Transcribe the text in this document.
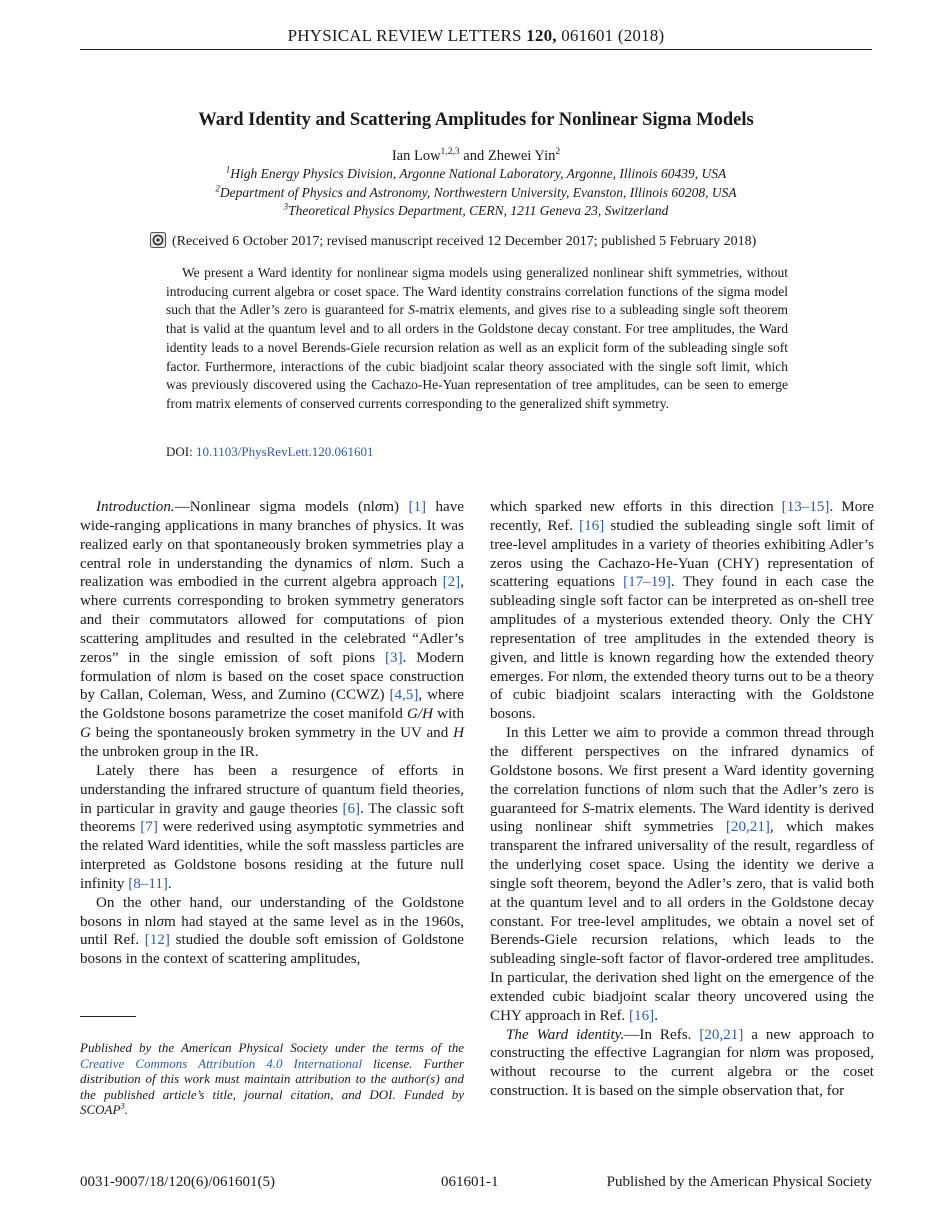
PHYSICAL REVIEW LETTERS 120, 061601 (2018)
Ward Identity and Scattering Amplitudes for Nonlinear Sigma Models
Ian Low$^{1,2,3}$ and Zhewei Yin$^2$
$^1$High Energy Physics Division, Argonne National Laboratory, Argonne, Illinois 60439, USA
$^2$Department of Physics and Astronomy, Northwestern University, Evanston, Illinois 60208, USA
$^3$Theoretical Physics Department, CERN, 1211 Geneva 23, Switzerland
(Received 6 October 2017; revised manuscript received 12 December 2017; published 5 February 2018)
We present a Ward identity for nonlinear sigma models using generalized nonlinear shift symmetries, without introducing current algebra or coset space. The Ward identity constrains correlation functions of the sigma model such that the Adler’s zero is guaranteed for S-matrix elements, and gives rise to a subleading single soft theorem that is valid at the quantum level and to all orders in the Goldstone decay constant. For tree amplitudes, the Ward identity leads to a novel Berends-Giele recursion relation as well as an explicit form of the subleading single soft factor. Furthermore, interactions of the cubic biadjoint scalar theory associated with the single soft limit, which was previously discovered using the Cachazo-He-Yuan representation of tree amplitudes, can be seen to emerge from matrix elements of conserved currents corresponding to the generalized shift symmetry.
DOI: 10.1103/PhysRevLett.120.061601

Introduction.—Nonlinear sigma models (nlσm) [1] have wide-ranging applications in many branches of physics. It was realized early on that spontaneously broken symmetries play a central role in understanding the dynamics of nlσm. Such a realization was embodied in the current algebra approach [2], where currents corresponding to broken symmetry generators and their commutators allowed for computations of pion scattering amplitudes and resulted in the celebrated “Adler’s zeros” in the single emission of soft pions [3]. Modern formulation of nlσm is based on the coset space construction by Callan, Coleman, Wess, and Zumino (CCWZ) [4,5], where the Goldstone bosons parametrize the coset manifold G/H with G being the spontaneously broken symmetry in the UV and H the unbroken group in the IR.

Lately there has been a resurgence of efforts in understanding the infrared structure of quantum field theories, in particular in gravity and gauge theories [6]. The classic soft theorems [7] were rederived using asymptotic symmetries and the related Ward identities, while the soft massless particles are interpreted as Goldstone bosons residing at the future null infinity [8–11].

On the other hand, our understanding of the Goldstone bosons in nlσm had stayed at the same level as in the 1960s, until Ref. [12] studied the double soft emission of Goldstone bosons in the context of scattering amplitudes,

which sparked new efforts in this direction [13–15]. More recently, Ref. [16] studied the subleading single soft limit of tree-level amplitudes in a variety of theories exhibiting Adler’s zeros using the Cachazo-He-Yuan (CHY) representation of scattering equations [17–19]. They found in each case the subleading single soft factor can be interpreted as on-shell tree amplitudes of a mysterious extended theory. Only the CHY representation of tree amplitudes in the extended theory is given, and little is known regarding how the extended theory emerges. For nlσm, the extended theory turns out to be a theory of cubic biadjoint scalars interacting with the Goldstone bosons.

In this Letter we aim to provide a common thread through the different perspectives on the infrared dynamics of Goldstone bosons. We first present a Ward identity governing the correlation functions of nlσm such that the Adler’s zero is guaranteed for S-matrix elements. The Ward identity is derived using nonlinear shift symmetries [20,21], which makes transparent the infrared universality of the result, regardless of the underlying coset space. Using the identity we derive a single soft theorem, beyond the Adler’s zero, that is valid both at the quantum level and to all orders in the Goldstone decay constant. For tree-level amplitudes, we obtain a novel set of Berends-Giele recursion relations, which leads to the subleading single-soft factor of flavor-ordered tree amplitudes. In particular, the derivation shed light on the emergence of the extended cubic biadjoint scalar theory uncovered using the CHY approach in Ref. [16].

The Ward identity.—In Refs. [20,21] a new approach to constructing the effective Lagrangian for nlσm was proposed, without recourse to the current algebra or the coset construction. It is based on the simple observation that, for

Published by the American Physical Society under the terms of the Creative Commons Attribution 4.0 International license. Further distribution of this work must maintain attribution to the author(s) and the published article’s title, journal citation, and DOI. Funded by SCOAP$^3$.
0031-9007/18/120(6)/061601(5)	061601-1	Published by the American Physical Society
